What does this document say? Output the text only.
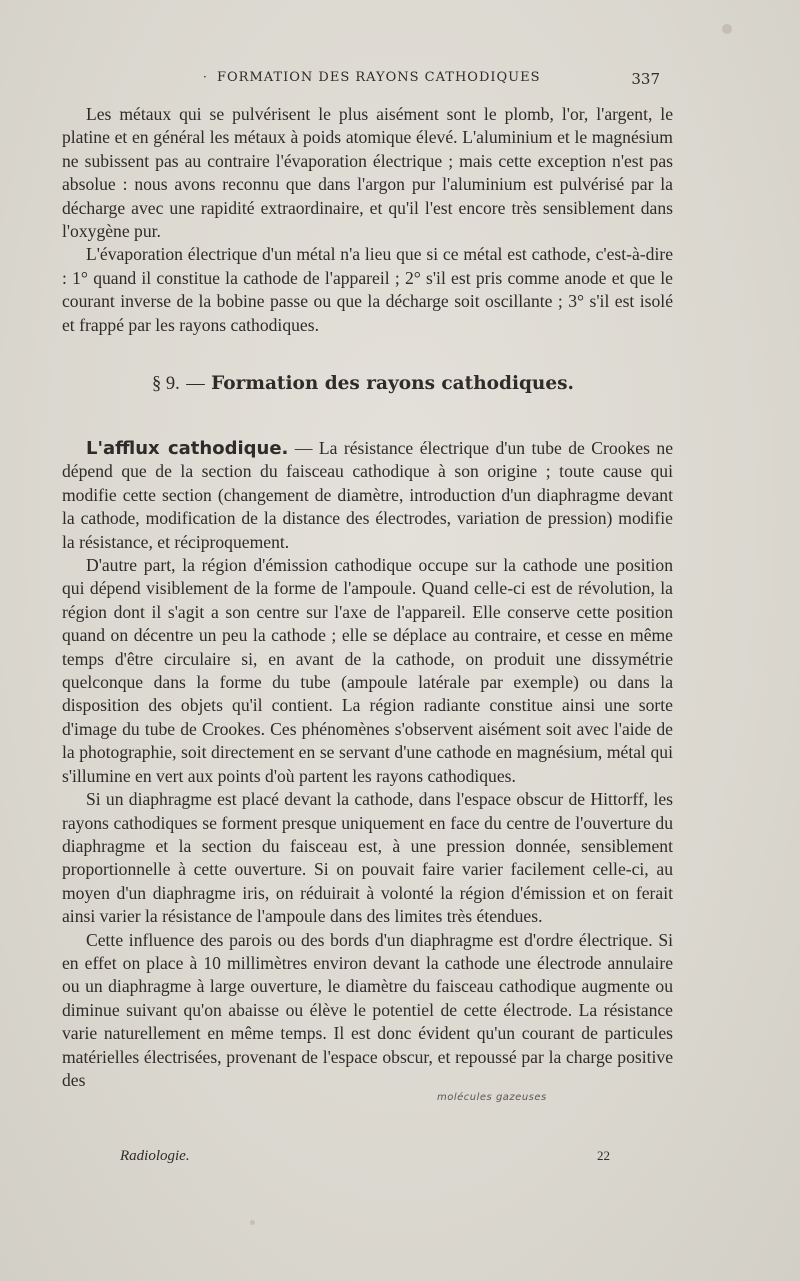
· FORMATION DES RAYONS CATHODIQUES	337

Les métaux qui se pulvérisent le plus aisément sont le plomb, l'or, l'argent, le platine et en général les métaux à poids atomique élevé. L'aluminium et le magnésium ne subissent pas au contraire l'évaporation électrique ; mais cette exception n'est pas absolue : nous avons reconnu que dans l'argon pur l'aluminium est pulvérisé par la décharge avec une rapidité extraordinaire, et qu'il l'est encore très sensiblement dans l'oxygène pur.

L'évaporation électrique d'un métal n'a lieu que si ce métal est cathode, c'est-à-dire : 1° quand il constitue la cathode de l'appareil ; 2° s'il est pris comme anode et que le courant inverse de la bobine passe ou que la décharge soit oscillante ; 3° s'il est isolé et frappé par les rayons cathodiques.

§ 9. — Formation des rayons cathodiques.

L'afflux cathodique. — La résistance électrique d'un tube de Crookes ne dépend que de la section du faisceau cathodique à son origine ; toute cause qui modifie cette section (changement de diamètre, introduction d'un diaphragme devant la cathode, modification de la distance des électrodes, variation de pression) modifie la résistance, et réciproquement.

D'autre part, la région d'émission cathodique occupe sur la cathode une position qui dépend visiblement de la forme de l'ampoule. Quand celle-ci est de révolution, la région dont il s'agit a son centre sur l'axe de l'appareil. Elle conserve cette position quand on décentre un peu la cathode ; elle se déplace au contraire, et cesse en même temps d'être circulaire si, en avant de la cathode, on produit une dissymétrie quelconque dans la forme du tube (ampoule latérale par exemple) ou dans la disposition des objets qu'il contient. La région radiante constitue ainsi une sorte d'image du tube de Crookes. Ces phénomènes s'observent aisément soit avec l'aide de la photographie, soit directement en se servant d'une cathode en magnésium, métal qui s'illumine en vert aux points d'où partent les rayons cathodiques.

Si un diaphragme est placé devant la cathode, dans l'espace obscur de Hittorff, les rayons cathodiques se forment presque uniquement en face du centre de l'ouverture du diaphragme et la section du faisceau est, à une pression donnée, sensiblement proportionnelle à cette ouverture. Si on pouvait faire varier facilement celle-ci, au moyen d'un diaphragme iris, on réduirait à volonté la région d'émission et on ferait ainsi varier la résistance de l'ampoule dans des limites très étendues.

Cette influence des parois ou des bords d'un diaphragme est d'ordre électrique. Si en effet on place à 10 millimètres environ devant la cathode une électrode annulaire ou un diaphragme à large ouverture, le diamètre du faisceau cathodique augmente ou diminue suivant qu'on abaisse ou élève le potentiel de cette électrode. La résistance varie naturellement en même temps. Il est donc évident qu'un courant de particules matérielles électrisées, provenant de l'espace obscur, et repoussé par la charge positive des

molécules gazeuses
Radiologie.	22
